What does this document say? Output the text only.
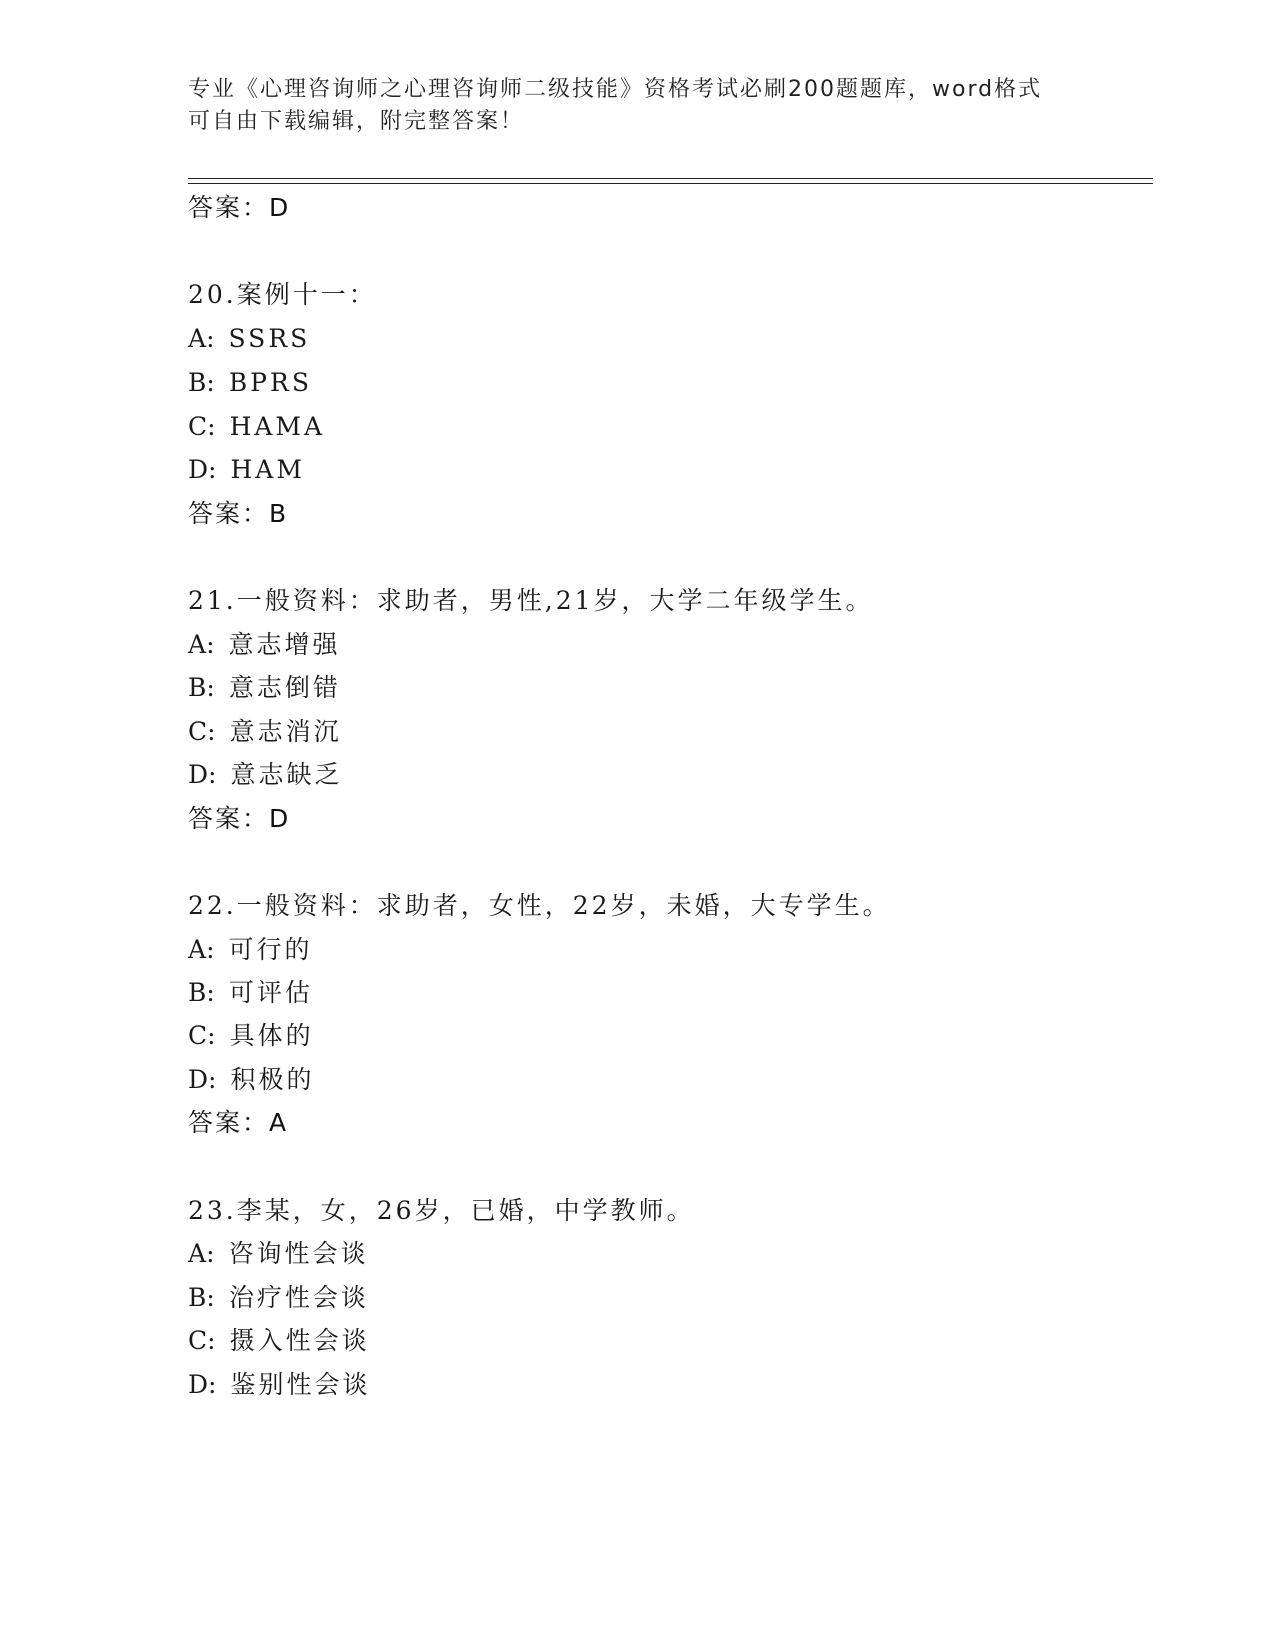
专业《心理咨询师之心理咨询师二级技能》资格考试必刷200题题库，word格式
可自由下载编辑，附完整答案！
答案：D
20.案例十一：
A: SSRS
B: BPRS
C: HAMA
D: HAM
答案：B
21.一般资料：求助者，男性,21岁，大学二年级学生。
A: 意志增强
B: 意志倒错
C: 意志消沉
D: 意志缺乏
答案：D
22.一般资料：求助者，女性，22岁，未婚，大专学生。
A: 可行的
B: 可评估
C: 具体的
D: 积极的
答案：A
23.李某，女，26岁，已婚，中学教师。
A: 咨询性会谈
B: 治疗性会谈
C: 摄入性会谈
D: 鉴别性会谈
